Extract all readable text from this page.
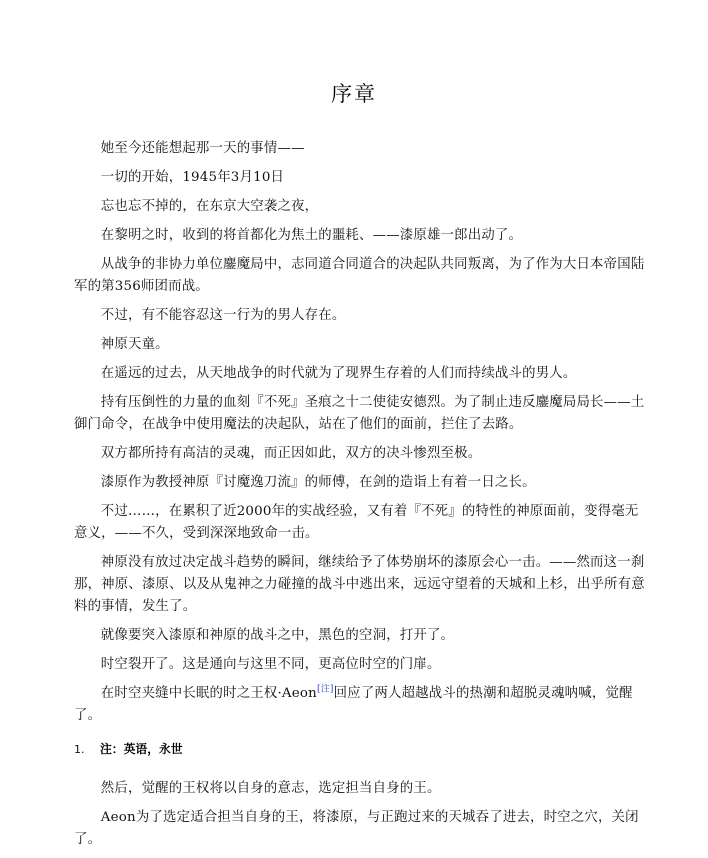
序章

她至今还能想起那一天的事情——

一切的开始，1945年3月10日

忘也忘不掉的，在东京大空袭之夜，

在黎明之时，收到的将首都化为焦土的噩耗、——漆原雄一郎出动了。

从战争的非协力单位鏖魔局中，志同道合同道合的决起队共同叛离，为了作为大日本帝国陆军的第356师团而战。

不过，有不能容忍这一行为的男人存在。

神原天童。

在遥远的过去，从天地战争的时代就为了现界生存着的人们而持续战斗的男人。

持有压倒性的力量的血刻『不死』圣痕之十二使徒安德烈。为了制止违反鏖魔局局长——土御门命令，在战争中使用魔法的决起队，站在了他们的面前，拦住了去路。

双方都所持有高洁的灵魂，而正因如此，双方的决斗惨烈至极。

漆原作为教授神原『讨魔逸刀流』的师傅，在剑的造诣上有着一日之长。

不过……，在累积了近2000年的实战经验，又有着『不死』的特性的神原面前，变得毫无意义，——不久，受到深深地致命一击。

神原没有放过决定战斗趋势的瞬间，继续给予了体势崩坏的漆原会心一击。——然而这一刹那，神原、漆原、以及从鬼神之力碰撞的战斗中逃出来，远远守望着的天城和上杉，出乎所有意料的事情，发生了。

就像要突入漆原和神原的战斗之中，黑色的空洞，打开了。

时空裂开了。这是通向与这里不同，更高位时空的门扉。

在时空夹缝中长眠的时之王权·Aeon[注]回应了两人超越战斗的热潮和超脱灵魂呐喊，觉醒了。

1.	注：英语，永世

然后，觉醒的王权将以自身的意志，选定担当自身的王。

Aeon为了选定适合担当自身的王，将漆原，与正跑过来的天城吞了进去，时空之穴，关闭了。
